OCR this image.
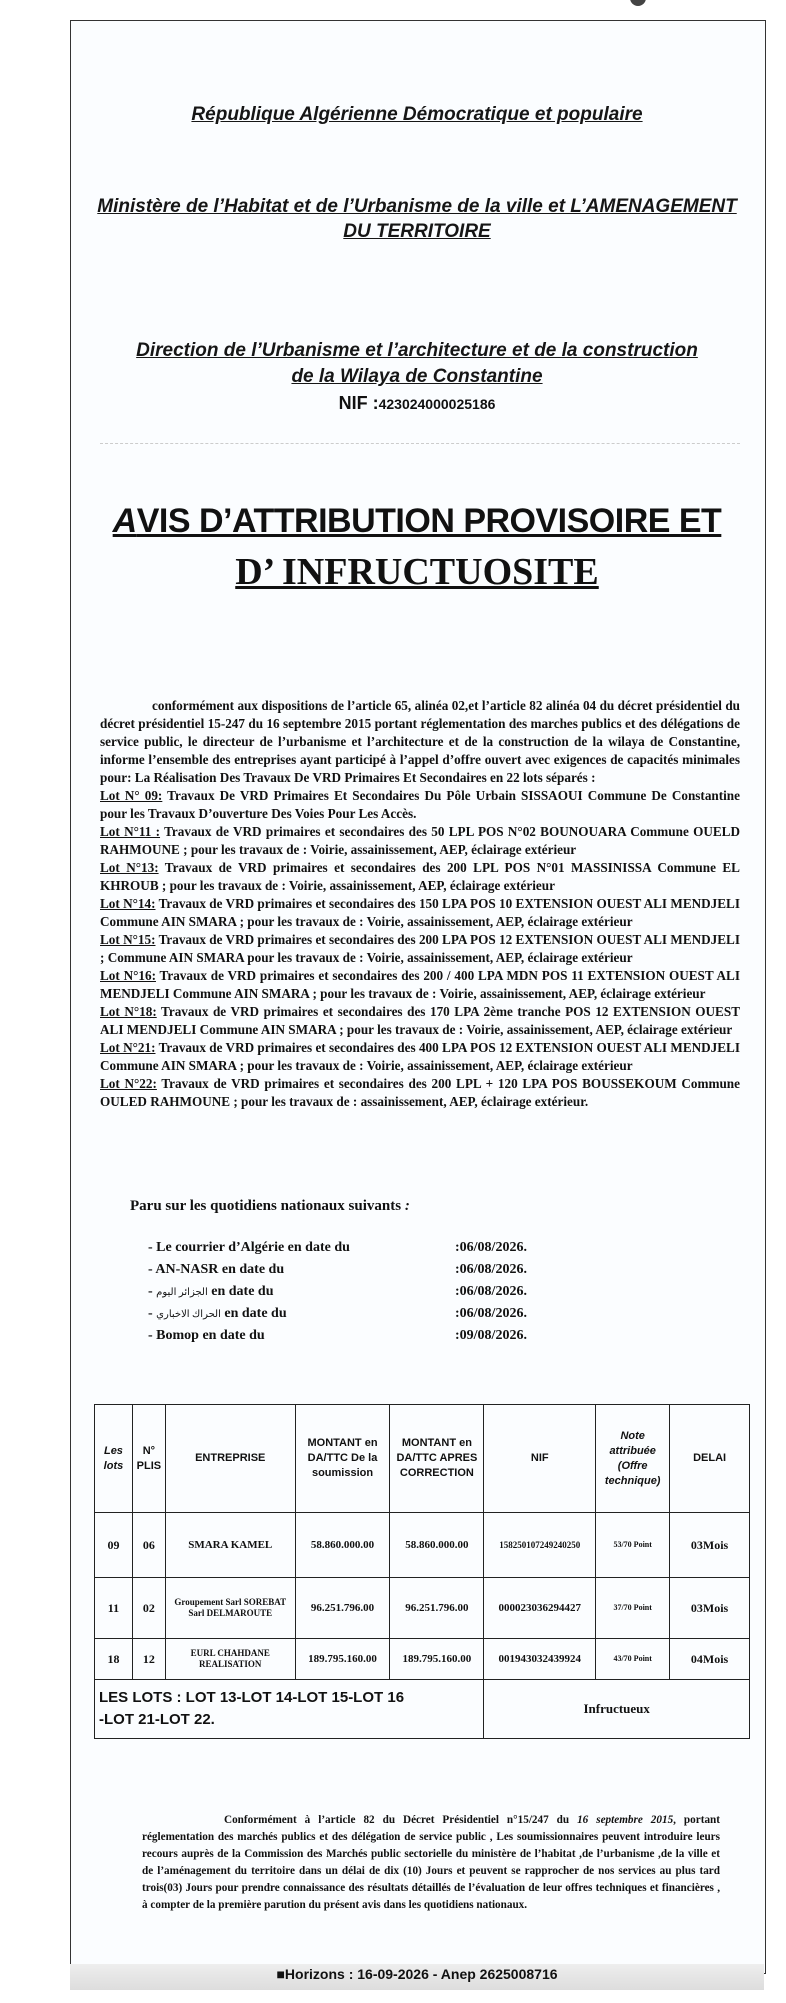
République Algérienne Démocratique et populaire
Ministère de l’Habitat et de l’Urbanisme de la ville et L’AMENAGEMENT
DU TERRITOIRE
Direction de l’Urbanisme et l’architecture et de la construction
de la Wilaya de Constantine
NIF :423024000025186
AVIS D’ATTRIBUTION PROVISOIRE ET
D’ INFRUCTUOSITE

conformément aux dispositions de l’article 65, alinéa 02,et l’article 82 alinéa 04 du décret présidentiel du décret présidentiel 15-247 du 16 septembre 2015 portant réglementation des marches publics et des délégations de service public, le directeur de l’urbanisme et l’architecture et de la construction de la wilaya de Constantine, informe l’ensemble des entreprises ayant participé à l’appel d’offre ouvert avec exigences de capacités minimales pour: La Réalisation Des Travaux De VRD Primaires Et Secondaires en 22 lots séparés :

Lot N° 09: Travaux De VRD Primaires Et Secondaires Du Pôle Urbain SISSAOUI Commune De Constantine pour les Travaux D’ouverture Des Voies Pour Les Accès.

Lot N°11 : Travaux de VRD primaires et secondaires des 50 LPL POS N°02 BOUNOUARA Commune OUELD RAHMOUNE ; pour les travaux de : Voirie, assainissement, AEP, éclairage extérieur

Lot N°13: Travaux de VRD primaires et secondaires des 200 LPL POS N°01 MASSINISSA Commune EL KHROUB ; pour les travaux de : Voirie, assainissement, AEP, éclairage extérieur

Lot N°14: Travaux de VRD primaires et secondaires des 150 LPA POS 10 EXTENSION OUEST ALI MENDJELI Commune AIN SMARA ; pour les travaux de : Voirie, assainissement, AEP, éclairage extérieur

Lot N°15: Travaux de VRD primaires et secondaires des 200 LPA POS 12 EXTENSION OUEST ALI MENDJELI ; Commune AIN SMARA pour les travaux de : Voirie, assainissement, AEP, éclairage extérieur

Lot N°16: Travaux de VRD primaires et secondaires des 200 / 400 LPA MDN POS 11 EXTENSION OUEST ALI MENDJELI Commune AIN SMARA ; pour les travaux de : Voirie, assainissement, AEP, éclairage extérieur

Lot N°18: Travaux de VRD primaires et secondaires des 170 LPA 2ème tranche POS 12 EXTENSION OUEST ALI MENDJELI Commune AIN SMARA ; pour les travaux de : Voirie, assainissement, AEP, éclairage extérieur

Lot N°21: Travaux de VRD primaires et secondaires des 400 LPA POS 12 EXTENSION OUEST ALI MENDJELI Commune AIN SMARA ; pour les travaux de : Voirie, assainissement, AEP, éclairage extérieur

Lot N°22: Travaux de VRD primaires et secondaires des 200 LPL + 120 LPA POS BOUSSEKOUM Commune OULED RAHMOUNE ; pour les travaux de : assainissement, AEP, éclairage extérieur.

Paru sur les quotidiens nationaux suivants :
- Le courrier d’Algérie en date du	:06/08/2026.
- AN-NASR en date du	:06/08/2026.
- الجزائر اليوم en date du	:06/08/2026.
- الحراك الاخباري en date du	:06/08/2026.
- Bomop en date du	:09/08/2026.
Les lots	N° PLIS	ENTREPRISE	MONTANT en DA/TTC De la soumission	MONTANT en DA/TTC APRES CORRECTION	NIF	Note attribuée (Offre technique)	DELAI
09	06	SMARA KAMEL	58.860.000.00	58.860.000.00	158250107249240250	53/70 Point	03Mois
11	02	Groupement Sarl SOREBAT Sarl DELMAROUTE	96.251.796.00	96.251.796.00	000023036294427	37/70 Point	03Mois
18	12	EURL CHAHDANE REALISATION	189.795.160.00	189.795.160.00	001943032439924	43/70 Point	04Mois

LES LOTS : LOT 13-LOT 14-LOT 15-LOT 16
-LOT 21-LOT 22.					Infructueux		

Conformément à l’article 82 du Décret Présidentiel n°15/247 du 16 septembre 2015, portant réglementation des marchés publics et des délégation de service public , Les soumissionnaires peuvent introduire leurs recours auprès de la Commission des Marchés public sectorielle du ministère de l’habitat ,de l’urbanisme ,de la ville et de l’aménagement du territoire dans un délai de dix (10) Jours et peuvent se rapprocher de nos services au plus tard trois(03) Jours pour prendre connaissance des résultats détaillés de l’évaluation de leur offres techniques et financières , à compter de la première parution du présent avis dans les quotidiens nationaux.

■Horizons : 16-09-2026 - Anep 2625008716
